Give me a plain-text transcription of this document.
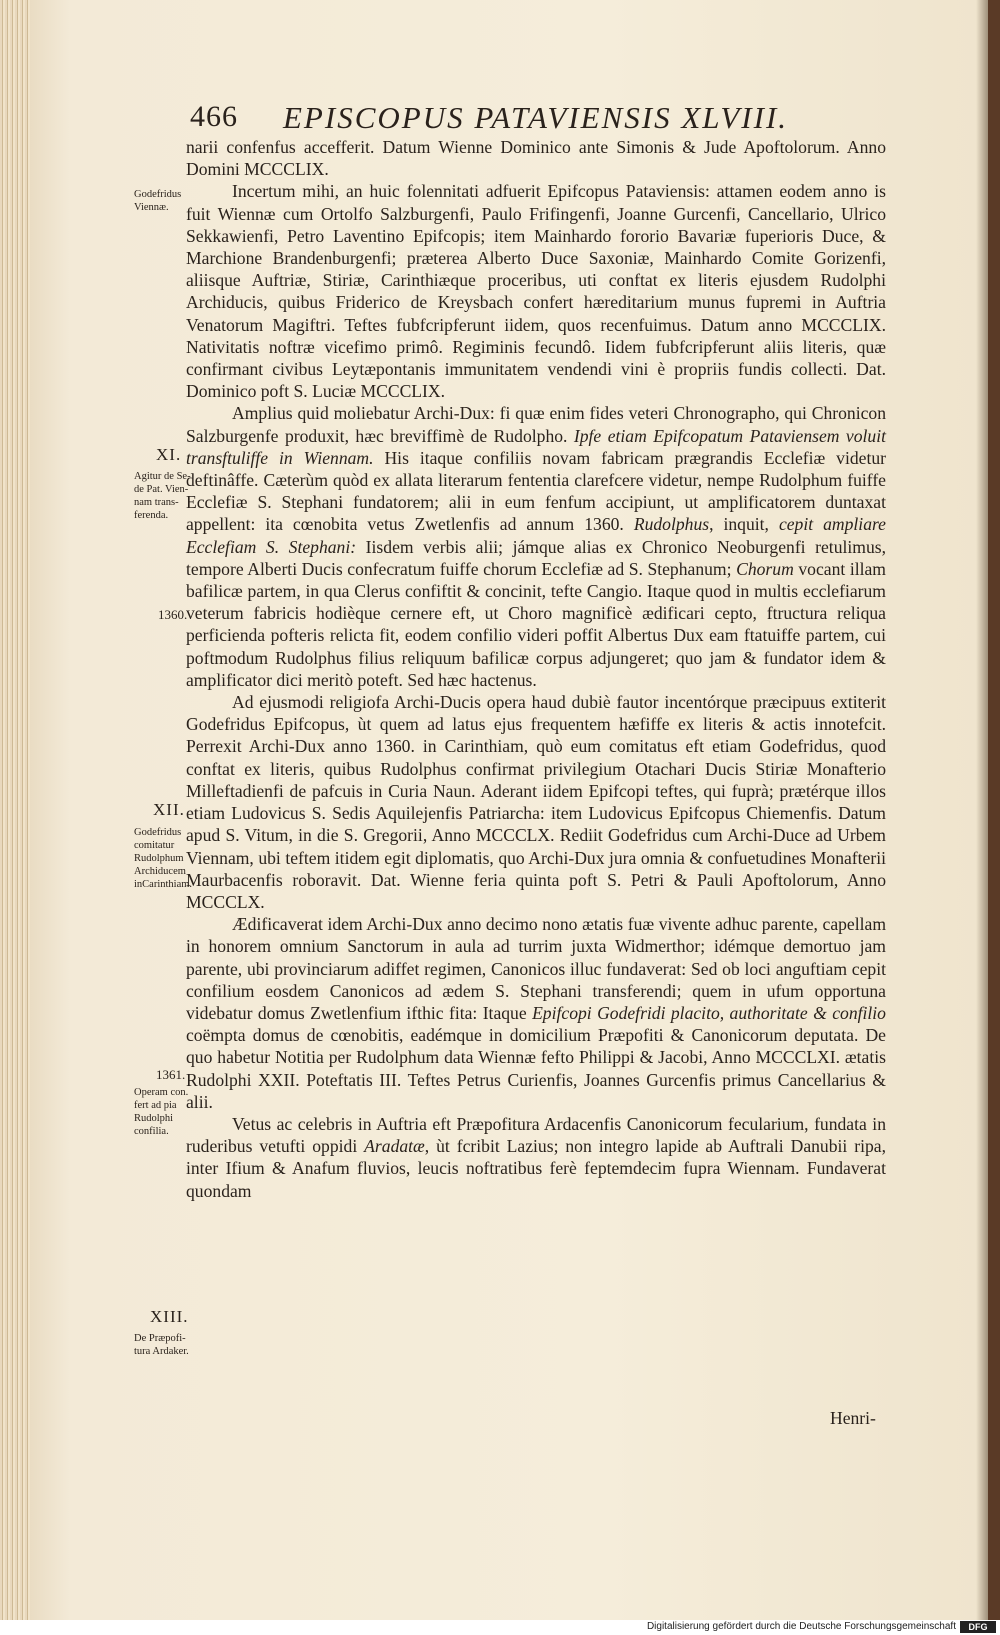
466 EPISCOPUS PATAVIENSIS XLVIII.
Godefridus
Viennæ.
XI.
Agitur de Se-
de Pat. Vien-
nam trans-
ferenda.
1360.
XII.
Godefridus
comitatur
Rudolphum
Archiducem
inCarinthiam.
1361.
Operam con.
fert ad pia
Rudolphi
confilia.
XIII.
De Præpofi-
tura Ardaker.

narii confenfus accefferit. Datum Wienne Dominico ante Simonis & Jude Apoftolorum. Anno Domini MCCCLIX.

Incertum mihi, an huic folennitati adfuerit Epifcopus Pataviensis: attamen eodem anno is fuit Wiennæ cum Ortolfo Salzburgenfi, Paulo Frifingenfi, Joanne Gurcenfi, Cancellario, Ulrico Sekkawienfi, Petro Laventino Epifcopis; item Mainhardo fororio Bavariæ fuperioris Duce, & Marchione Brandenburgenfi; præterea Alberto Duce Saxoniæ, Mainhardo Comite Gorizenfi, aliisque Auftriæ, Stiriæ, Carinthiæque proceribus, uti conftat ex literis ejusdem Rudolphi Archiducis, quibus Friderico de Kreysbach confert hæreditarium munus fupremi in Auftria Venatorum Magiftri. Teftes fubfcripferunt iidem, quos recenfuimus. Datum anno MCCCLIX. Nativitatis noftræ vicefimo primô. Regiminis fecundô. Iidem fubfcripferunt aliis literis, quæ confirmant civibus Leytæpontanis immunitatem vendendi vini è propriis fundis collecti. Dat. Dominico poft S. Luciæ MCCCLIX.

Amplius quid moliebatur Archi-Dux: fi quæ enim fides veteri Chronographo, qui Chronicon Salzburgenfe produxit, hæc breviffimè de Rudolpho. Ipfe etiam Epifcopatum Pataviensem voluit transftuliffe in Wiennam. His itaque confiliis novam fabricam prægrandis Ecclefiæ videtur deftinâffe. Cæterùm quòd ex allata literarum fententia clarefcere videtur, nempe Rudolphum fuiffe Ecclefiæ S. Stephani fundatorem; alii in eum fenfum accipiunt, ut amplificatorem duntaxat appellent: ita cœnobita vetus Zwetlenfis ad annum 1360. Rudolphus, inquit, cepit ampliare Ecclefiam S. Stephani: Iisdem verbis alii; jámque alias ex Chronico Neoburgenfi retulimus, tempore Alberti Ducis confecratum fuiffe chorum Ecclefiæ ad S. Stephanum; Chorum vocant illam bafilicæ partem, in qua Clerus confiftit & concinit, tefte Cangio. Itaque quod in multis ecclefiarum veterum fabricis hodièque cernere eft, ut Choro magnificè ædificari cepto, ftructura reliqua perficienda pofteris relicta fit, eodem confilio videri poffit Albertus Dux eam ftatuiffe partem, cui poftmodum Rudolphus filius reliquum bafilicæ corpus adjungeret; quo jam & fundator idem & amplificator dici meritò poteft. Sed hæc hactenus.

Ad ejusmodi religiofa Archi-Ducis opera haud dubiè fautor incentórque præcipuus extiterit Godefridus Epifcopus, ùt quem ad latus ejus frequentem hæfiffe ex literis & actis innotefcit. Perrexit Archi-Dux anno 1360. in Carinthiam, quò eum comitatus eft etiam Godefridus, quod conftat ex literis, quibus Rudolphus confirmat privilegium Otachari Ducis Stiriæ Monafterio Milleftadienfi de pafcuis in Curia Naun. Aderant iidem Epifcopi teftes, qui fuprà; prætérque illos etiam Ludovicus S. Sedis Aquilejenfis Patriarcha: item Ludovicus Epifcopus Chiemenfis. Datum apud S. Vitum, in die S. Gregorii, Anno MCCCLX. Rediit Godefridus cum Archi-Duce ad Urbem Viennam, ubi teftem itidem egit diplomatis, quo Archi-Dux jura omnia & confuetudines Monafterii Maurbacenfis roboravit. Dat. Wienne feria quinta poft S. Petri & Pauli Apoftolorum, Anno MCCCLX.

Ædificaverat idem Archi-Dux anno decimo nono ætatis fuæ vivente adhuc parente, capellam in honorem omnium Sanctorum in aula ad turrim juxta Widmerthor; idémque demortuo jam parente, ubi provinciarum adiffet regimen, Canonicos illuc fundaverat: Sed ob loci anguftiam cepit confilium eosdem Canonicos ad ædem S. Stephani transferendi; quem in ufum opportuna videbatur domus Zwetlenfium ifthic fita: Itaque Epifcopi Godefridi placito, authoritate & confilio coëmpta domus de cœnobitis, eadémque in domicilium Præpofiti & Canonicorum deputata. De quo habetur Notitia per Rudolphum data Wiennæ fefto Philippi & Jacobi, Anno MCCCLXI. ætatis Rudolphi XXII. Poteftatis III. Teftes Petrus Curienfis, Joannes Gurcenfis primus Cancellarius & alii.

Vetus ac celebris in Auftria eft Præpofitura Ardacenfis Canonicorum fecularium, fundata in ruderibus vetufti oppidi Aradatæ, ùt fcribit Lazius; non integro lapide ab Auftrali Danubii ripa, inter Ifium & Anafum fluvios, leucis noftratibus ferè feptemdecim fupra Wiennam. Fundaverat quondam

Henri-
Digitalisierung gefördert durch die Deutsche Forschungsgemeinschaft	DFG
